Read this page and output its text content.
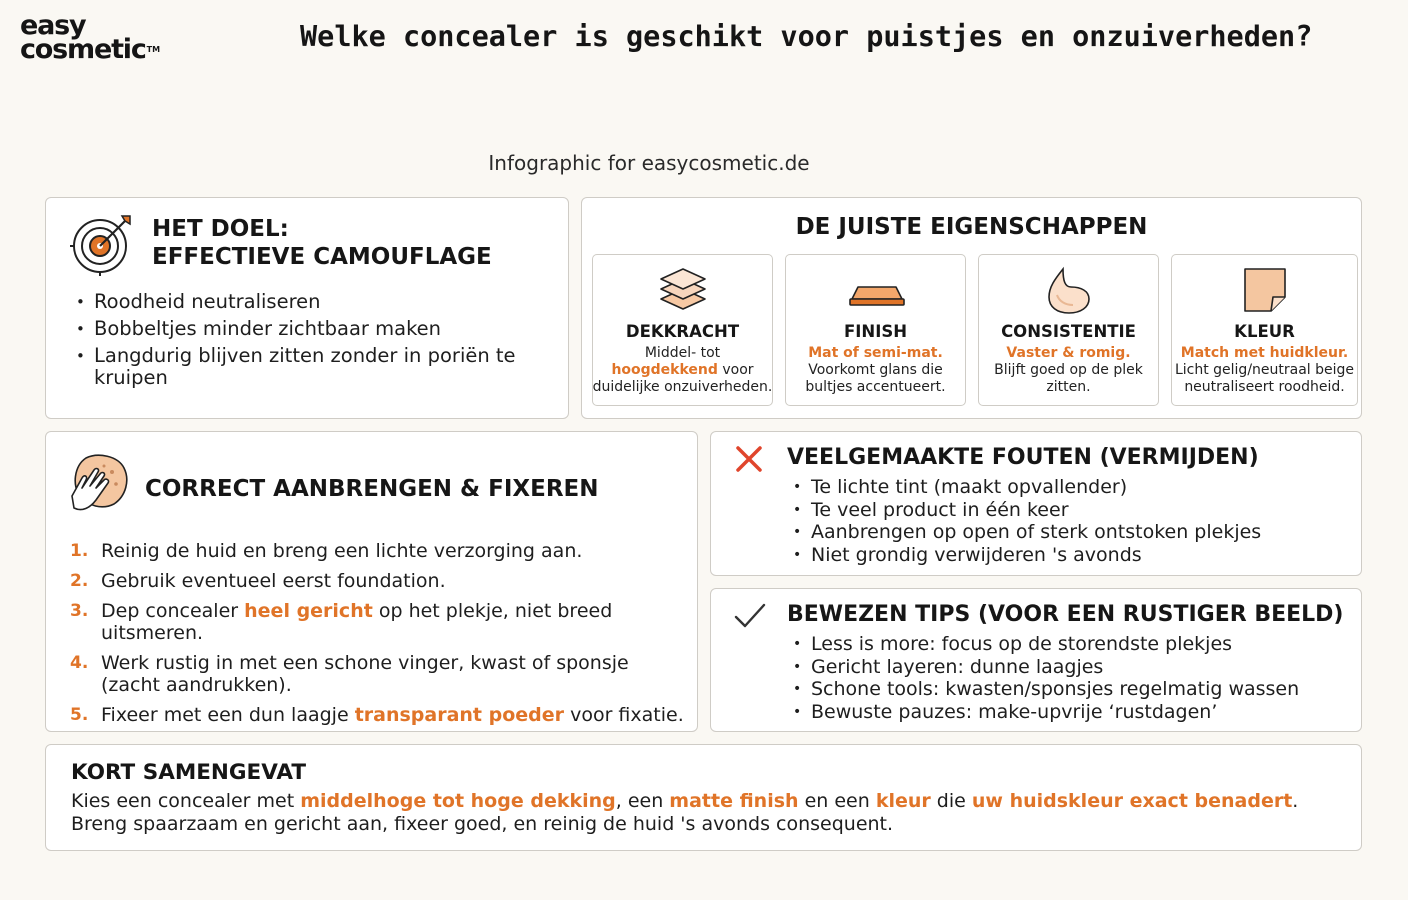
easy
cosmetic™	Welke concealer is geschikt voor puistjes en onzuiverheden?
Infographic for easycosmetic.de
HET DOEL:
EFFECTIEVE CAMOUFLAGE
• Roodheid neutraliseren
• Bobbeltjes minder zichtbaar maken
• Langdurig blijven zitten zonder in poriën te kruipen
DE JUISTE EIGENSCHAPPEN
DEKKRACHT
Middel- tot hoogdekkend voor duidelijke onzuiverheden.
FINISH
Mat of semi-mat.
Voorkomt glans die bultjes accentueert.
CONSISTENTIE
Vaster & romig.
Blijft goed op de plek zitten.
KLEUR
Match met huidkleur.
Licht gelig/neutraal beige neutraliseert roodheid.
CORRECT AANBRENGEN & FIXEREN
1. Reinig de huid en breng een lichte verzorging aan.
2. Gebruik eventueel eerst foundation.
3. Dep concealer heel gericht op het plekje, niet breed uitsmeren.
4. Werk rustig in met een schone vinger, kwast of sponsje (zacht aandrukken).
5. Fixeer met een dun laagje transparant poeder voor fixatie.
VEELGEMAAKTE FOUTEN (VERMIJDEN)
• Te lichte tint (maakt opvallender)
• Te veel product in één keer
• Aanbrengen op open of sterk ontstoken plekjes
• Niet grondig verwijderen 's avonds
BEWEZEN TIPS (VOOR EEN RUSTIGER BEELD)
• Less is more: focus op de storendste plekjes
• Gericht layeren: dunne laagjes
• Schone tools: kwasten/sponsjes regelmatig wassen
• Bewuste pauzes: make-upvrije ‘rustdagen’
KORT SAMENGEVAT
Kies een concealer met middelhoge tot hoge dekking, een matte finish en een kleur die uw huidskleur exact benadert.
Breng spaarzaam en gericht aan, fixeer goed, en reinig de huid 's avonds consequent.
